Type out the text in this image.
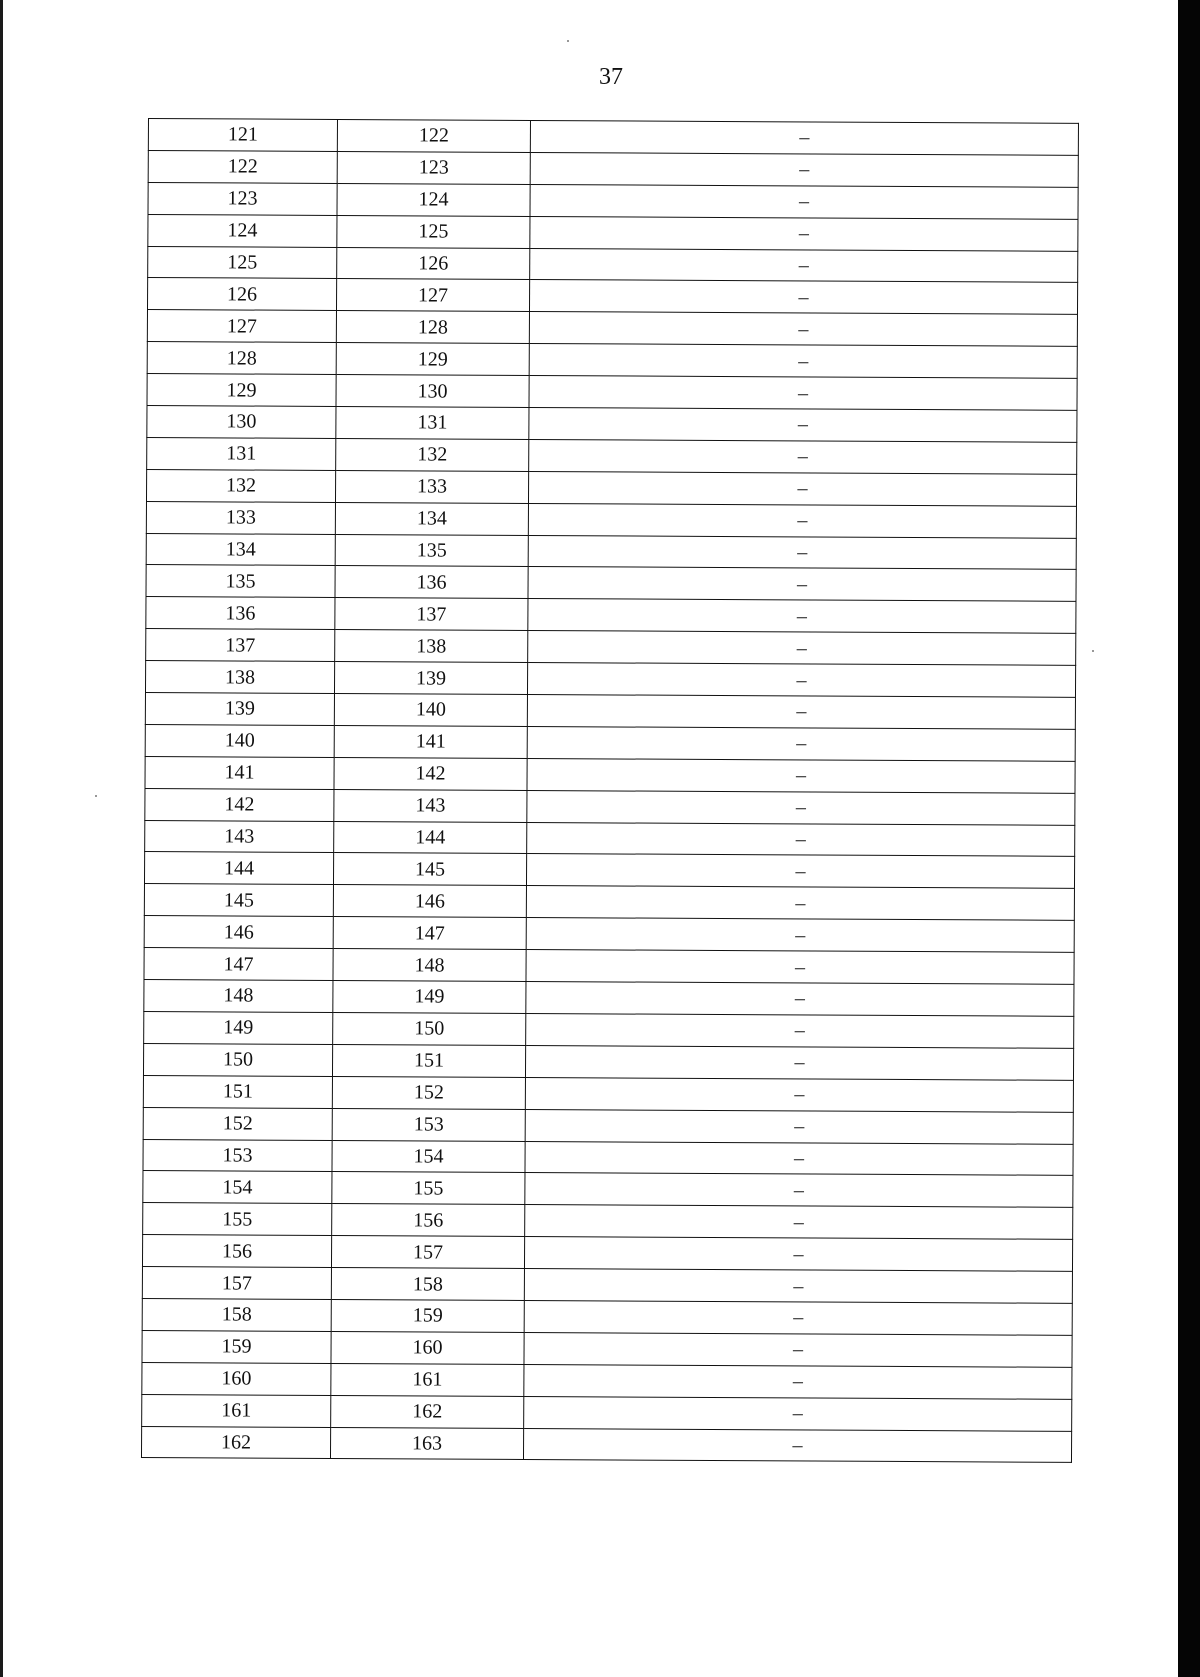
37
121	122	–
122	123	–
123	124	–
124	125	–
125	126	–
126	127	–
127	128	–
128	129	–
129	130	–
130	131	–
131	132	–
132	133	–
133	134	–
134	135	–
135	136	–
136	137	–
137	138	–
138	139	–
139	140	–
140	141	–
141	142	–
142	143	–
143	144	–
144	145	–
145	146	–
146	147	–
147	148	–
148	149	–
149	150	–
150	151	–
151	152	–
152	153	–
153	154	–
154	155	–
155	156	–
156	157	–
157	158	–
158	159	–
159	160	–
160	161	–
161	162	–
162	163	–
